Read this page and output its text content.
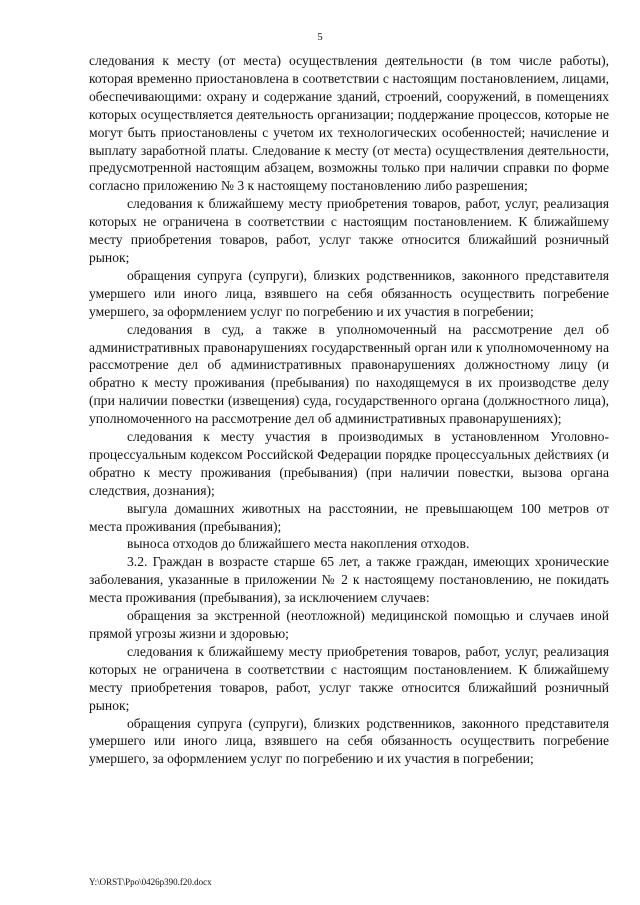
5

следования к месту (от места) осуществления деятельности (в том числе работы), которая временно приостановлена в соответствии с настоящим постановлением, лицами, обеспечивающими: охрану и содержание зданий, строений, сооружений, в помещениях которых осуществляется деятельность организации; поддержание процессов, которые не могут быть приостановлены с учетом их технологических особенностей; начисление и выплату заработной платы. Следование к месту (от места) осуществления деятельности, предусмотренной настоящим абзацем, возможны только при наличии справки по форме согласно приложению № 3 к настоящему постановлению либо разрешения;

следования к ближайшему месту приобретения товаров, работ, услуг, реализация которых не ограничена в соответствии с настоящим постановлением. К ближайшему месту приобретения товаров, работ, услуг также относится ближайший розничный рынок;

обращения супруга (супруги), близких родственников, законного представителя умершего или иного лица, взявшего на себя обязанность осуществить погребение умершего, за оформлением услуг по погребению и их участия в погребении;

следования в суд, а также в уполномоченный на рассмотрение дел об административных правонарушениях государственный орган или к уполномоченному на рассмотрение дел об административных правонарушениях должностному лицу (и обратно к месту проживания (пребывания) по находящемуся в их производстве делу (при наличии повестки (извещения) суда, государственного органа (должностного лица), уполномоченного на рассмотрение дел об административных правонарушениях);

следования к месту участия в производимых в установленном Уголовно-процессуальным кодексом Российской Федерации порядке процессуальных действиях (и обратно к месту проживания (пребывания) (при наличии повестки, вызова органа следствия, дознания);

выгула домашних животных на расстоянии, не превышающем 100 метров от места проживания (пребывания);

выноса отходов до ближайшего места накопления отходов.

3.2. Граждан в возрасте старше 65 лет, а также граждан, имеющих хронические заболевания, указанные в приложении № 2 к настоящему постановлению, не покидать места проживания (пребывания), за исключением случаев:

обращения за экстренной (неотложной) медицинской помощью и случаев иной прямой угрозы жизни и здоровью;

следования к ближайшему месту приобретения товаров, работ, услуг, реализация которых не ограничена в соответствии с настоящим постановлением. К ближайшему месту приобретения товаров, работ, услуг также относится ближайший розничный рынок;

обращения супруга (супруги), близких родственников, законного представителя умершего или иного лица, взявшего на себя обязанность осуществить погребение умершего, за оформлением услуг по погребению и их участия в погребении;

Y:\ORST\Ppo\0426p390.f20.docx
